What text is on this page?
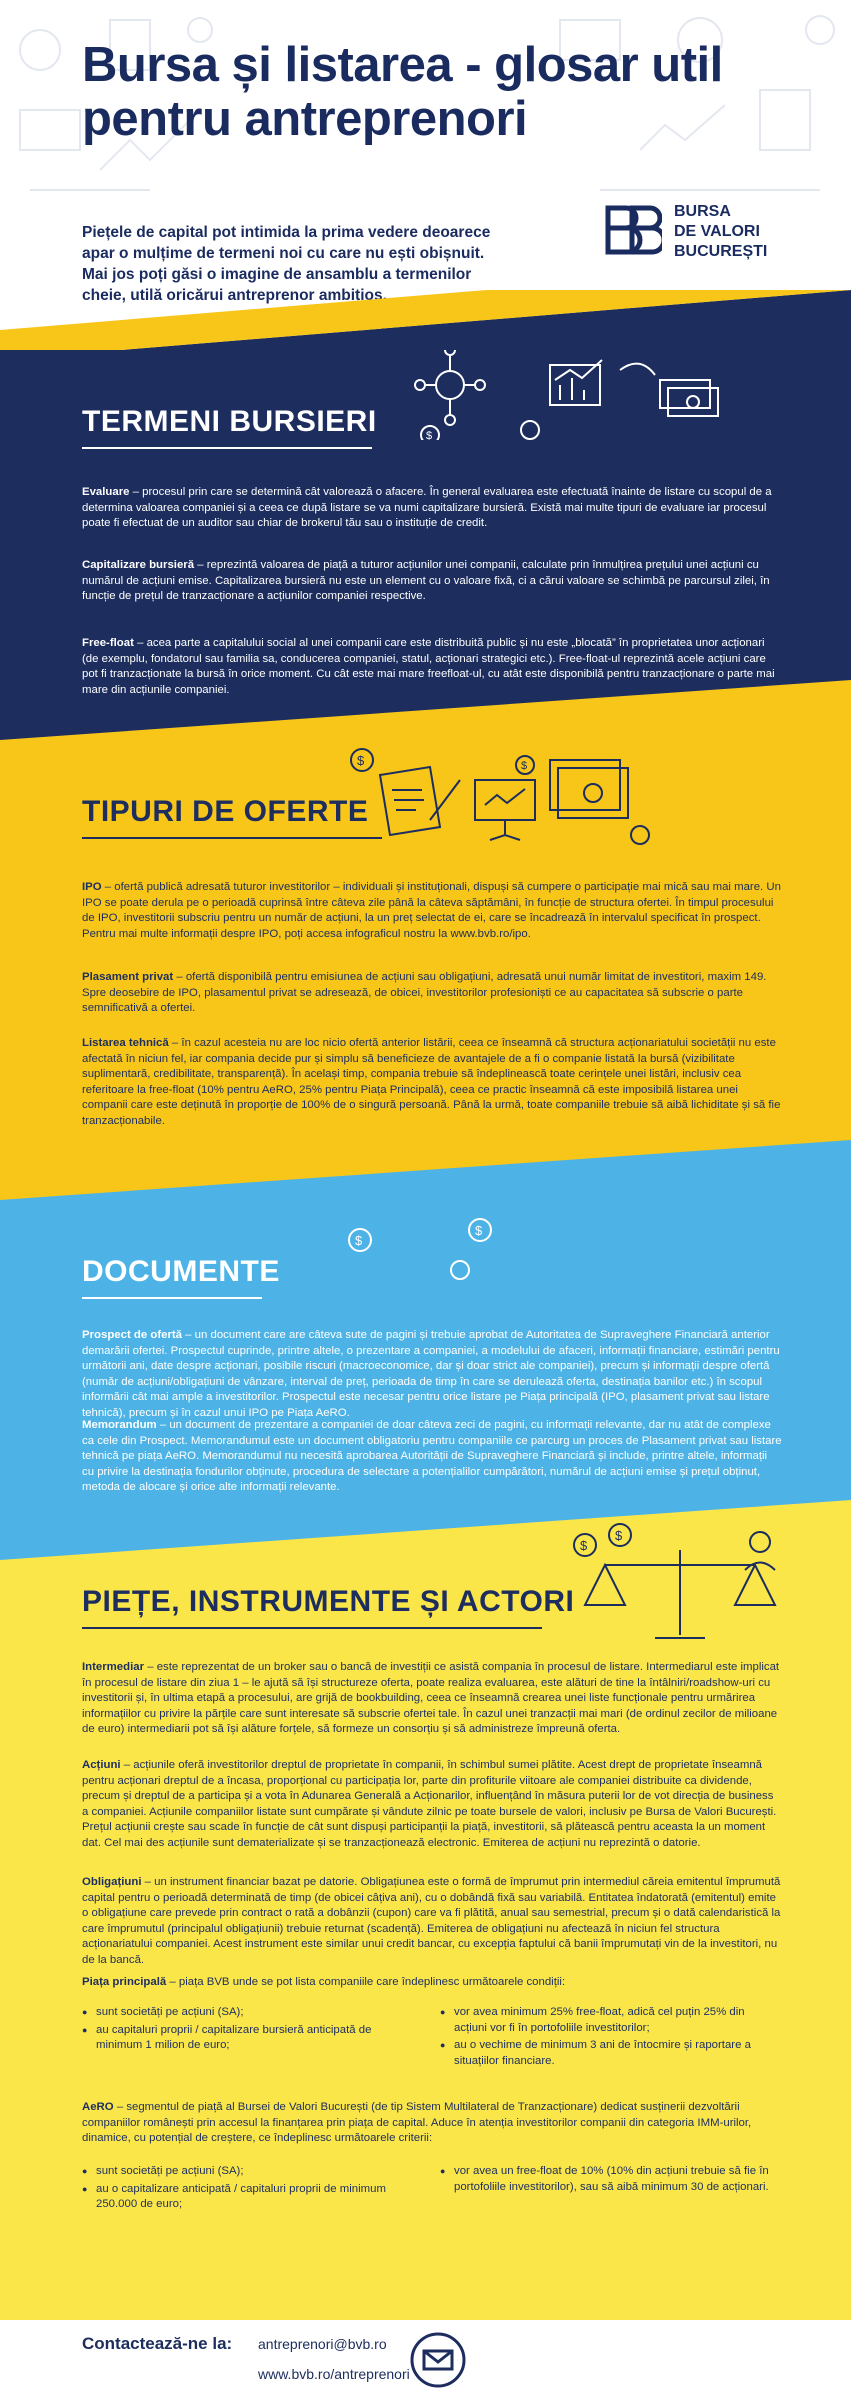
Bursa și listarea - glosar util
pentru antreprenori
Piețele de capital pot intimida la prima vedere deoarece apar o mulțime de termeni noi cu care nu ești obișnuit. Mai jos poți găsi o imagine de ansamblu a termenilor cheie, utilă oricărui antreprenor ambițios.
BURSA
DE VALORI
BUCUREȘTI
$
TERMENI BURSIERI
Evaluare – procesul prin care se determină cât valorează o afacere. În general evaluarea este efectuată înainte de listare cu scopul de a determina valoarea companiei și a ceea ce după listare se va numi capitalizare bursieră. Există mai multe tipuri de evaluare iar procesul poate fi efectuat de un auditor sau chiar de brokerul tău sau o instituție de credit.
Capitalizare bursieră – reprezintă valoarea de piață a tuturor acțiunilor unei companii, calculate prin înmulțirea prețului unei acțiuni cu numărul de acțiuni emise. Capitalizarea bursieră nu este un element cu o valoare fixă, ci a cărui valoare se schimbă pe parcursul zilei, în funcție de prețul de tranzacționare a acțiunilor companiei respective.
Free-float – acea parte a capitalului social al unei companii care este distribuită public și nu este „blocată” în proprietatea unor acționari (de exemplu, fondatorul sau familia sa, conducerea companiei, statul, acționari strategici etc.). Free-float-ul reprezintă acele acțiuni care pot fi tranzacționate la bursă în orice moment. Cu cât este mai mare freefloat-ul, cu atât este disponibilă pentru tranzacționare o parte mai mare din acțiunile companiei.
$	$
TIPURI DE OFERTE
IPO – ofertă publică adresată tuturor investitorilor – individuali și instituționali, dispuși să cumpere o participație mai mică sau mai mare. Un IPO se poate derula pe o perioadă cuprinsă între câteva zile până la câteva săptămâni, în funcție de structura ofertei. În timpul procesului de IPO, investitorii subscriu pentru un număr de acțiuni, la un preț selectat de ei, care se încadrează în intervalul specificat în prospect. Pentru mai multe informații despre IPO, poți accesa infograficul nostru la www.bvb.ro/ipo.
Plasament privat – ofertă disponibilă pentru emisiunea de acțiuni sau obligațiuni, adresată unui număr limitat de investitori, maxim 149. Spre deosebire de IPO, plasamentul privat se adresează, de obicei, investitorilor profesioniști ce au capacitatea să subscrie o parte semnificativă a ofertei.
Listarea tehnică – în cazul acesteia nu are loc nicio ofertă anterior listării, ceea ce înseamnă că structura acționariatului societății nu este afectată în niciun fel, iar compania decide pur și simplu să beneficieze de avantajele de a fi o companie listată la bursă (vizibilitate suplimentară, credibilitate, transparență). În același timp, compania trebuie să îndeplinească toate cerințele unei listări, inclusiv cea referitoare la free-float (10% pentru AeRO, 25% pentru Piața Principală), ceea ce practic înseamnă că este imposibilă listarea unei companii care este deținută în proporție de 100% de o singură persoană. Până la urmă, toate companiile trebuie să aibă lichiditate și să fie tranzacționabile.
$
$
DOCUMENTE
Prospect de ofertă – un document care are câteva sute de pagini și trebuie aprobat de Autoritatea de Supraveghere Financiară anterior demarării ofertei. Prospectul cuprinde, printre altele, o prezentare a companiei, a modelului de afaceri, informații financiare, estimări pentru următorii ani, date despre acționari, posibile riscuri (macroeconomice, dar și doar strict ale companiei), precum și informații despre ofertă (număr de acțiuni/obligațiuni de vânzare, interval de preț, perioada de timp în care se derulează oferta, destinația banilor etc.) în scopul informării cât mai ample a investitorilor. Prospectul este necesar pentru orice listare pe Piața principală (IPO, plasament privat sau listare tehnică), precum și în cazul unui IPO pe Piața AeRO.
Memorandum – un document de prezentare a companiei de doar câteva zeci de pagini, cu informații relevante, dar nu atât de complexe ca cele din Prospect. Memorandumul este un document obligatoriu pentru companiile ce parcurg un proces de Plasament privat sau listare tehnică pe piața AeRO. Memorandumul nu necesită aprobarea Autorității de Supraveghere Financiară și include, printre altele, informații cu privire la destinația fondurilor obținute, procedura de selectare a potențialilor cumpărători, numărul de acțiuni emise și prețul obținut, metoda de alocare și orice alte informații relevante.
$
$
PIEȚE, INSTRUMENTE ȘI ACTORI
Intermediar – este reprezentat de un broker sau o bancă de investiții ce asistă compania în procesul de listare. Intermediarul este implicat în procesul de listare din ziua 1 – le ajută să își structureze oferta, poate realiza evaluarea, este alături de tine la întâlniri/roadshow-uri cu investitorii și, în ultima etapă a procesului, are grijă de bookbuilding, ceea ce înseamnă crearea unei liste funcționale pentru urmărirea informațiilor cu privire la părțile care sunt interesate să subscrie ofertei tale. În cazul unei tranzacții mai mari (de ordinul zecilor de milioane de euro) intermediarii pot să își alăture forțele, să formeze un consorțiu și să administreze împreună oferta.
Acțiuni – acțiunile oferă investitorilor dreptul de proprietate în companii, în schimbul sumei plătite. Acest drept de proprietate înseamnă pentru acționari dreptul de a încasa, proporțional cu participația lor, parte din profiturile viitoare ale companiei distribuite ca dividende, precum și dreptul de a participa și a vota în Adunarea Generală a Acționarilor, influențând în măsura puterii lor de vot direcția de business a companiei. Acțiunile companiilor listate sunt cumpărate și vândute zilnic pe toate bursele de valori, inclusiv pe Bursa de Valori București. Prețul acțiunii crește sau scade în funcție de cât sunt dispuși participanții la piață, investitorii, să plătească pentru aceasta la un moment dat. Cel mai des acțiunile sunt dematerializate și se tranzacționează electronic. Emiterea de acțiuni nu reprezintă o datorie.
Obligațiuni – un instrument financiar bazat pe datorie. Obligațiunea este o formă de împrumut prin intermediul căreia emitentul împrumută capital pentru o perioadă determinată de timp (de obicei câțiva ani), cu o dobândă fixă sau variabilă. Entitatea îndatorată (emitentul) emite o obligațiune care prevede prin contract o rată a dobânzii (cupon) care va fi plătită, anual sau semestrial, precum și o dată calendaristică la care împrumutul (principalul obligațiunii) trebuie returnat (scadență). Emiterea de obligațiuni nu afectează în niciun fel structura acționariatului companiei. Acest instrument este similar unui credit bancar, cu excepția faptului că banii împrumutați vin de la investitori, nu de la bancă.
Piața principală – piața BVB unde se pot lista companiile care îndeplinesc următoarele condiții:
● sunt societăți pe acțiuni (SA);
● au capitaluri proprii / capitalizare bursieră anticipată de minimum 1 milion de euro;
● vor avea minimum 25% free-float, adică cel puțin 25% din acțiuni vor fi în portofoliile investitorilor;
● au o vechime de minimum 3 ani de întocmire și raportare a situațiilor financiare.
AeRO – segmentul de piață al Bursei de Valori București (de tip Sistem Multilateral de Tranzacționare) dedicat susținerii dezvoltării companiilor românești prin accesul la finanțarea prin piața de capital. Aduce în atenția investitorilor companii din categoria IMM-urilor, dinamice, cu potențial de creștere, ce îndeplinesc următoarele criterii:
● sunt societăți pe acțiuni (SA);
● au o capitalizare anticipată / capitaluri proprii de minimum 250.000 de euro;
● vor avea un free-float de 10% (10% din acțiuni trebuie să fie în portofoliile investitorilor), sau să aibă minimum 30 de acționari.
Contactează-ne la: antreprenori@bvb.ro
www.bvb.ro/antreprenori
